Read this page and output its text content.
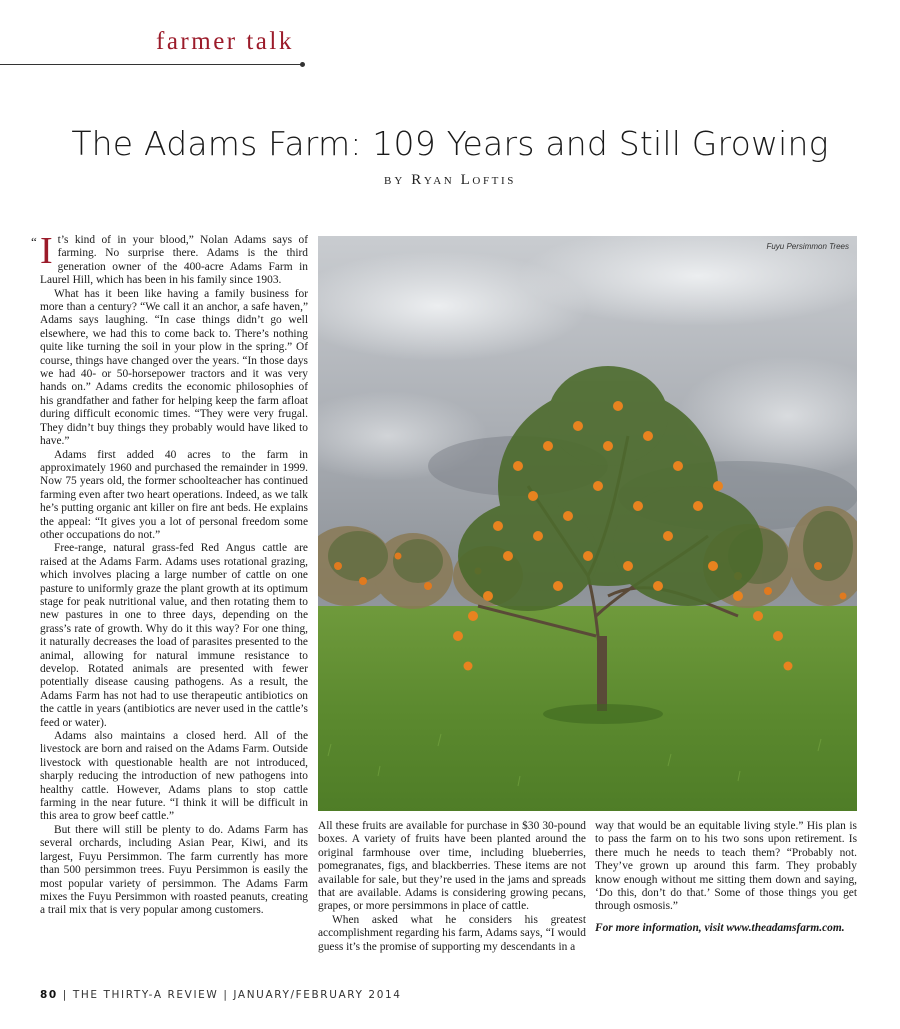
farmer talk
The Adams Farm: 109 Years and Still Growing
BY Ryan Loftis
“ It’s kind of in your blood,” Nolan Adams says of farming. No surprise there. Adams is the third generation owner of the 400-acre Adams Farm in Laurel Hill, which has been in his family since 1903.

What has it been like having a family business for more than a century? “We call it an anchor, a safe haven,” Adams says laughing. “In case things didn’t go well elsewhere, we had this to come back to. There’s nothing quite like turning the soil in your plow in the spring.” Of course, things have changed over the years. “In those days we had 40- or 50-horsepower tractors and it was very hands on.” Adams credits the economic philosophies of his grandfather and father for helping keep the farm afloat during difficult economic times. “They were very frugal. They didn’t buy things they probably would have liked to have.”

Adams first added 40 acres to the farm in approximately 1960 and purchased the remainder in 1999. Now 75 years old, the former schoolteacher has continued farming even after two heart operations. Indeed, as we talk he’s putting organic ant killer on fire ant beds. He explains the appeal: “It gives you a lot of personal freedom some other occupations do not.”

Free-range, natural grass-fed Red Angus cattle are raised at the Adams Farm. Adams uses rotational grazing, which involves placing a large number of cattle on one pasture to uniformly graze the plant growth at its optimum stage for peak nutritional value, and then rotating them to new pastures in one to three days, depending on the grass’s rate of growth. Why do it this way? For one thing, it naturally decreases the load of parasites presented to the animal, allowing for natural immune resistance to develop. Rotated animals are presented with fewer potentially disease causing pathogens. As a result, the Adams Farm has not had to use therapeutic antibiotics on the cattle in years (antibiotics are never used in the cattle’s feed or water).

Adams also maintains a closed herd. All of the livestock are born and raised on the Adams Farm. Outside livestock with questionable health are not introduced, sharply reducing the introduction of new pathogens into healthy cattle. However, Adams plans to stop cattle farming in the near future. “I think it will be difficult in this area to grow beef cattle.”

But there will still be plenty to do. Adams Farm has several orchards, including Asian Pear, Kiwi, and its largest, Fuyu Persimmon. The farm currently has more than 500 persimmon trees. Fuyu Persimmon is easily the most popular variety of persimmon. The Adams Farm mixes the Fuyu Persimmon with roasted peanuts, creating a trail mix that is very popular among customers.

Fuyu Persimmon Trees

All these fruits are available for purchase in $30 30-pound boxes. A variety of fruits have been planted around the original farmhouse over time, including blueberries, pomegranates, figs, and blackberries. These items are not available for sale, but they’re used in the jams and spreads that are available. Adams is considering growing pecans, grapes, or more persimmons in place of cattle.

When asked what he considers his greatest accomplishment regarding his farm, Adams says, “I would guess it’s the promise of supporting my descendants in a

way that would be an equitable living style.” His plan is to pass the farm on to his two sons upon retirement. Is there much he needs to teach them? “Probably not. They’ve grown up around this farm. They probably know enough without me sitting them down and saying, ‘Do this, don’t do that.’ Some of those things you get through osmosis.”

For more information, visit www.theadamsfarm.com.

80 | THE THIRTY-A REVIEW | JANUARY/FEBRUARY 2014
